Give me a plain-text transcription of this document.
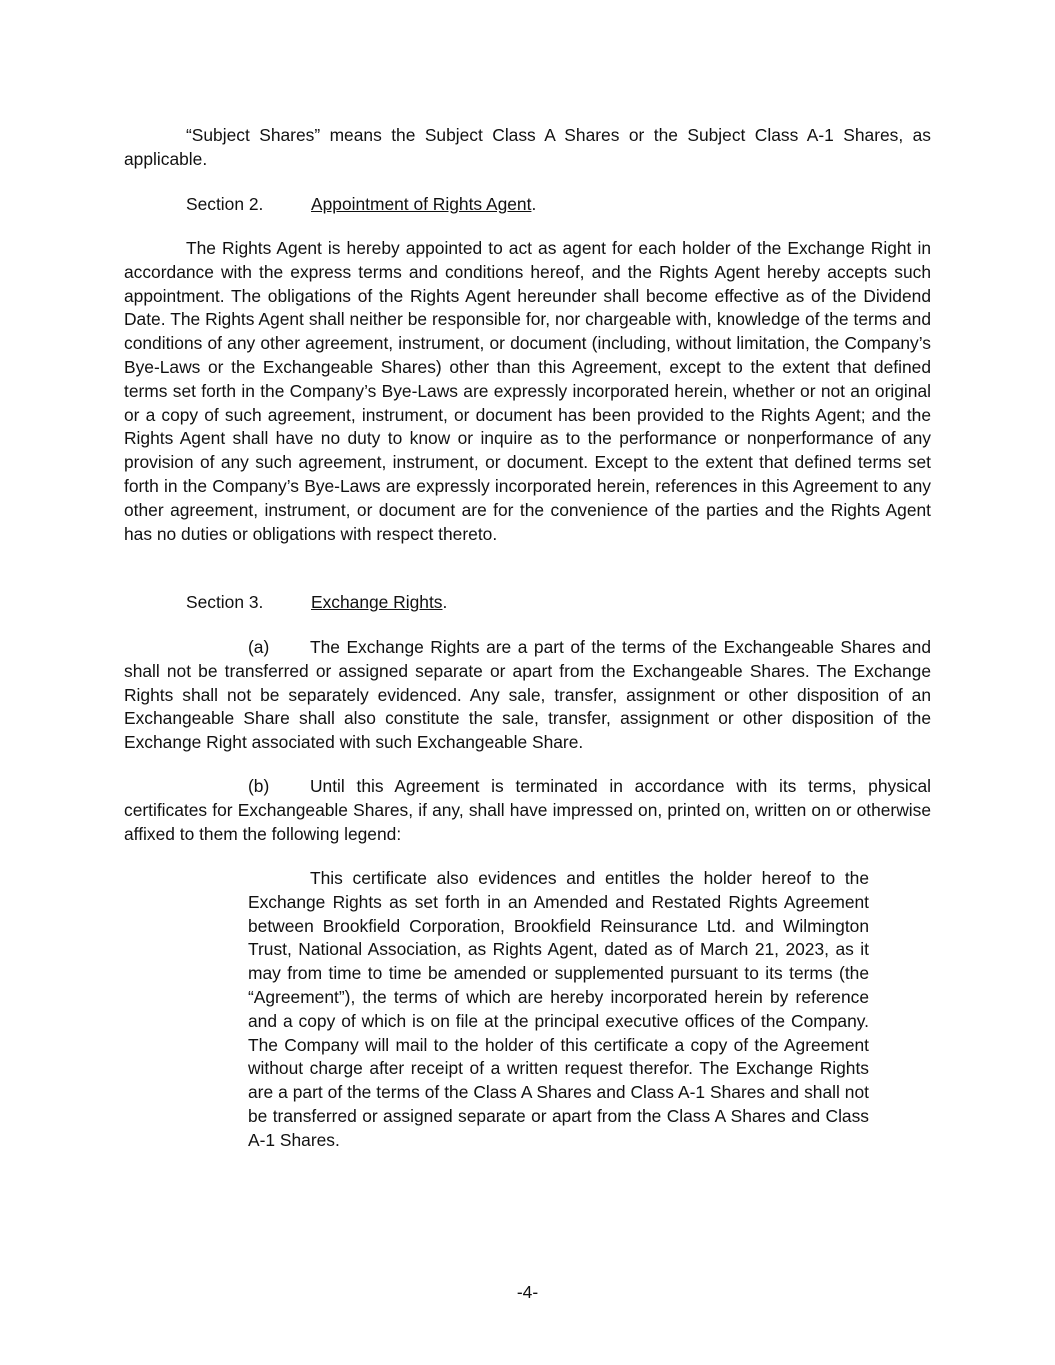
“Subject Shares” means the Subject Class A Shares or the Subject Class A-1 Shares, as applicable.

Section 2.	Appointment of Rights Agent.

The Rights Agent is hereby appointed to act as agent for each holder of the Exchange Right in accordance with the express terms and conditions hereof, and the Rights Agent hereby accepts such appointment. The obligations of the Rights Agent hereunder shall become effective as of the Dividend Date. The Rights Agent shall neither be responsible for, nor chargeable with, knowledge of the terms and conditions of any other agreement, instrument, or document (including, without limitation, the Company’s Bye-Laws or the Exchangeable Shares) other than this Agreement, except to the extent that defined terms set forth in the Company’s Bye-Laws are expressly incorporated herein, whether or not an original or a copy of such agreement, instrument, or document has been provided to the Rights Agent; and the Rights Agent shall have no duty to know or inquire as to the performance or nonperformance of any provision of any such agreement, instrument, or document. Except to the extent that defined terms set forth in the Company’s Bye-Laws are expressly incorporated herein, references in this Agreement to any other agreement, instrument, or document are for the convenience of the parties and the Rights Agent has no duties or obligations with respect thereto.

Section 3.	Exchange Rights.

(a) The Exchange Rights are a part of the terms of the Exchangeable Shares and shall not be transferred or assigned separate or apart from the Exchangeable Shares. The Exchange Rights shall not be separately evidenced. Any sale, transfer, assignment or other disposition of an Exchangeable Share shall also constitute the sale, transfer, assignment or other disposition of the Exchange Right associated with such Exchangeable Share.

(b) Until this Agreement is terminated in accordance with its terms, physical certificates for Exchangeable Shares, if any, shall have impressed on, printed on, written on or otherwise affixed to them the following legend:

This certificate also evidences and entitles the holder hereof to the Exchange Rights as set forth in an Amended and Restated Rights Agreement between Brookfield Corporation, Brookfield Reinsurance Ltd. and Wilmington Trust, National Association, as Rights Agent, dated as of March 21, 2023, as it may from time to time be amended or supplemented pursuant to its terms (the “Agreement”), the terms of which are hereby incorporated herein by reference and a copy of which is on file at the principal executive offices of the Company. The Company will mail to the holder of this certificate a copy of the Agreement without charge after receipt of a written request therefor. The Exchange Rights are a part of the terms of the Class A Shares and Class A-1 Shares and shall not be transferred or assigned separate or apart from the Class A Shares and Class A-1 Shares.

-4-
